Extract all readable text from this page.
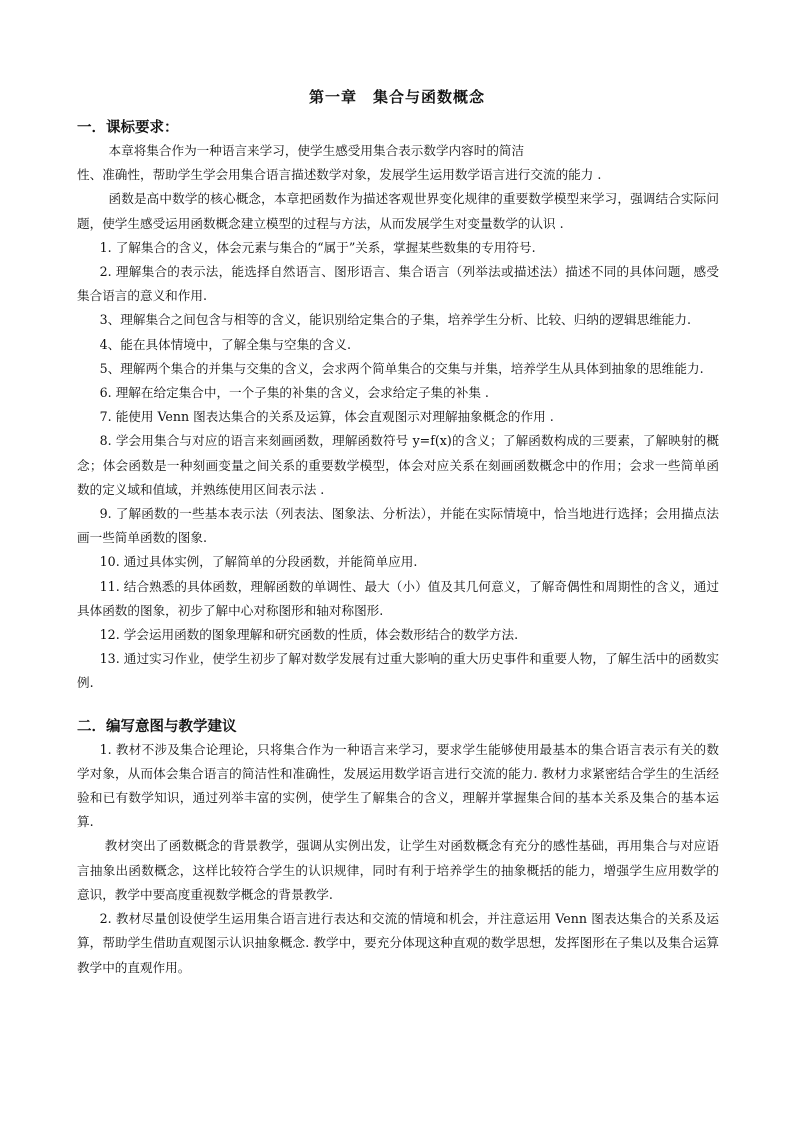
第一章　集合与函数概念
一．课标要求：

本章将集合作为一种语言来学习，使学生感受用集合表示数学内容时的简洁

性、准确性，帮助学生学会用集合语言描述数学对象，发展学生运用数学语言进行交流的能力 .

函数是高中数学的核心概念，本章把函数作为描述客观世界变化规律的重要数学模型来学习，强调结合实际问题，使学生感受运用函数概念建立模型的过程与方法，从而发展学生对变量数学的认识 .

1. 了解集合的含义，体会元素与集合的“属于”关系，掌握某些数集的专用符号.

2. 理解集合的表示法，能选择自然语言、图形语言、集合语言（列举法或描述法）描述不同的具体问题，感受集合语言的意义和作用.

3、理解集合之间包含与相等的含义，能识别给定集合的子集，培养学生分析、比较、归纳的逻辑思维能力.

4、能在具体情境中，了解全集与空集的含义.

5、理解两个集合的并集与交集的含义，会求两个简单集合的交集与并集，培养学生从具体到抽象的思维能力.

6. 理解在给定集合中，一个子集的补集的含义，会求给定子集的补集 .

7. 能使用 Venn 图表达集合的关系及运算，体会直观图示对理解抽象概念的作用 .

8. 学会用集合与对应的语言来刻画函数，理解函数符号 y=f(x)的含义；了解函数构成的三要素，了解映射的概念；体会函数是一种刻画变量之间关系的重要数学模型，体会对应关系在刻画函数概念中的作用；会求一些简单函数的定义域和值域，并熟练使用区间表示法 .

9. 了解函数的一些基本表示法（列表法、图象法、分析法），并能在实际情境中，恰当地进行选择；会用描点法画一些简单函数的图象.

10. 通过具体实例，了解简单的分段函数，并能简单应用.

11. 结合熟悉的具体函数，理解函数的单调性、最大（小）值及其几何意义，了解奇偶性和周期性的含义，通过具体函数的图象，初步了解中心对称图形和轴对称图形.

12. 学会运用函数的图象理解和研究函数的性质，体会数形结合的数学方法.

13. 通过实习作业，使学生初步了解对数学发展有过重大影响的重大历史事件和重要人物，了解生活中的函数实例.

二．编写意图与教学建议

1. 教材不涉及集合论理论，只将集合作为一种语言来学习，要求学生能够使用最基本的集合语言表示有关的数学对象，从而体会集合语言的简洁性和准确性，发展运用数学语言进行交流的能力. 教材力求紧密结合学生的生活经验和已有数学知识，通过列举丰富的实例，使学生了解集合的含义，理解并掌握集合间的基本关系及集合的基本运算.

教材突出了函数概念的背景教学，强调从实例出发，让学生对函数概念有充分的感性基础，再用集合与对应语言抽象出函数概念，这样比较符合学生的认识规律，同时有利于培养学生的抽象概括的能力，增强学生应用数学的意识，教学中要高度重视数学概念的背景教学.

2. 教材尽量创设使学生运用集合语言进行表达和交流的情境和机会，并注意运用 Venn 图表达集合的关系及运算，帮助学生借助直观图示认识抽象概念. 教学中，要充分体现这种直观的数学思想，发挥图形在子集以及集合运算教学中的直观作用。
